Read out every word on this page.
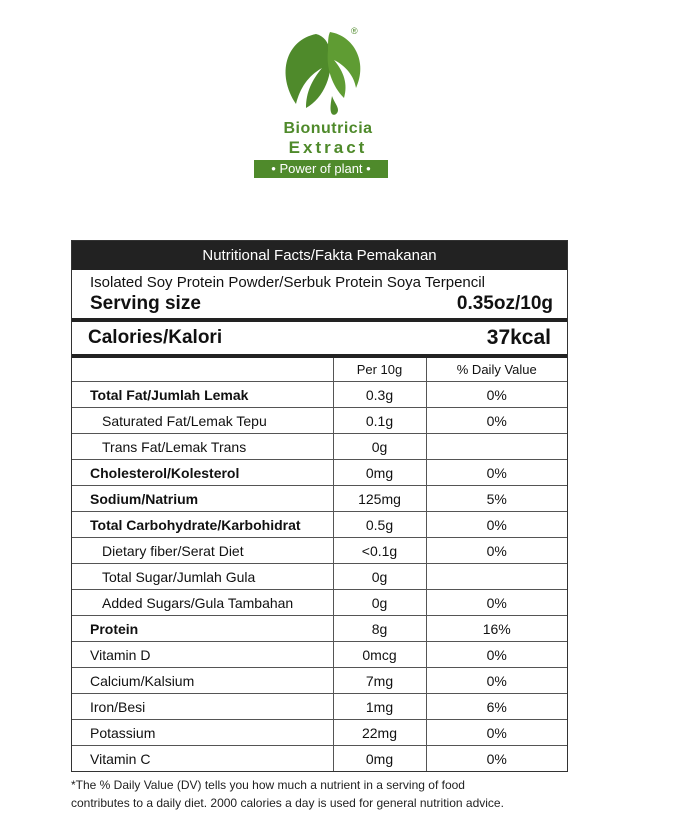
®
Bionutricia
Extract
• Power of plant •
Nutritional Facts/Fakta Pemakanan
Isolated Soy Protein Powder/Serbuk Protein Soya Terpencil
Serving size	0.35oz/10g
Calories/Kalori	37kcal
	Per 10g	% Daily Value
Total Fat/Jumlah Lemak	0.3g	0%
Saturated Fat/Lemak Tepu	0.1g	0%
Trans Fat/Lemak Trans	0g	
Cholesterol/Kolesterol	0mg	0%
Sodium/Natrium	125mg	5%
Total Carbohydrate/Karbohidrat	0.5g	0%
Dietary fiber/Serat Diet	<0.1g	0%
Total Sugar/Jumlah Gula	0g	
Added Sugars/Gula Tambahan	0g	0%
Protein	8g	16%
Vitamin D	0mcg	0%
Calcium/Kalsium	7mg	0%
Iron/Besi	1mg	6%
Potassium	22mg	0%
Vitamin C	0mg	0%
*The % Daily Value (DV) tells you how much a nutrient in a serving of food
contributes to a daily diet. 2000 calories a day is used for general nutrition advice.
